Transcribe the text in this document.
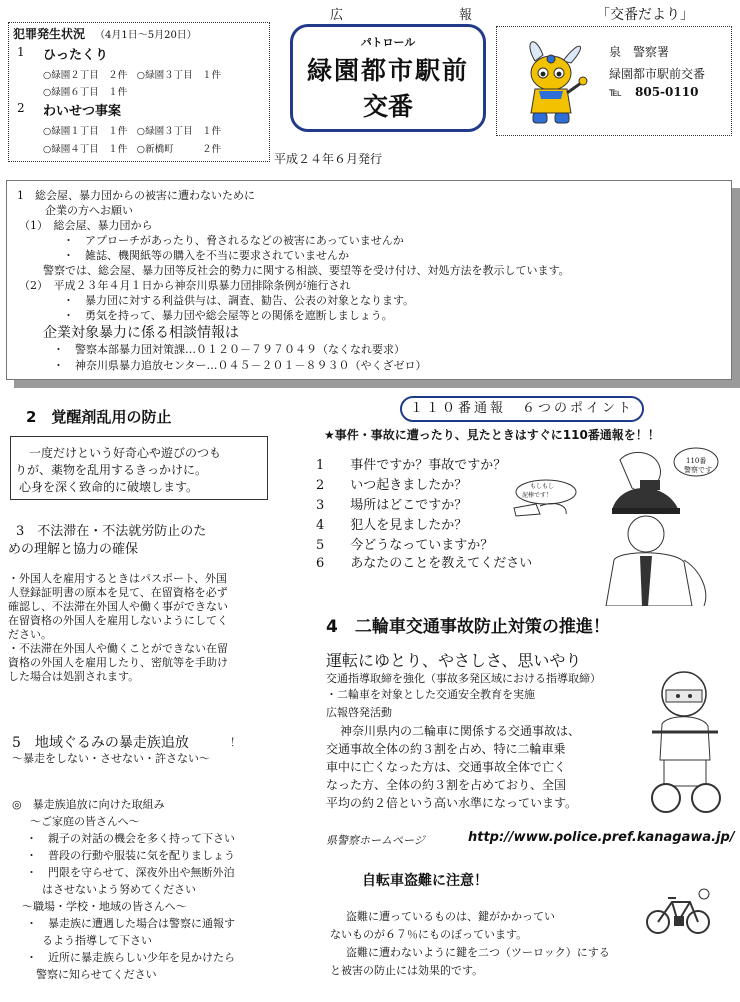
犯罪発生状況 （4月1日～5月20日）
1 ひったくり
○緑園２丁目　２件　○緑園３丁目　１件
○緑園６丁目　１件
2 わいせつ事案
○緑園１丁目　１件　○緑園３丁目　１件
○緑園４丁目　１件　○新橋町　　　２件
広　　報
パトロール
緑園都市駅前
交番
平成２４年６月発行
「交番だより」
泉　警察署
緑園都市駅前交番
℡ 805-0110
1　総会屋、暴力団からの被害に遭わないために
企業の方へお願い
（1）　総会屋、暴力団から
・　アプローチがあったり、脅されるなどの被害にあっていませんか
・　雑誌、機関紙等の購入を不当に要求されていませんか
警察では、総会屋、暴力団等反社会的勢力に関する相談、要望等を受け付け、対処方法を教示しています。
（2）　平成２３年４月１日から神奈川県暴力団排除条例が施行され
・　暴力団に対する利益供与は、調査、勧告、公表の対象となります。
・　勇気を持って、暴力団や総会屋等との関係を遮断しましょう。
企業対象暴力に係る相談情報は
・　警察本部暴力団対策課…０１２０－７９７０４９（なくなれ要求）
・　神奈川県暴力追放センター…０４５－２０１－８９３０（やくざゼロ）
2　覚醒剤乱用の防止
一度だけという好奇心や遊びのつも
りが、薬物を乱用するきっかけに。
心身を深く致命的に破壊します。
3　不法滞在・不法就労防止のた
めの理解と協力の確保
・外国人を雇用するときはパスポート、外国
人登録証明書の原本を見て、在留資格を必ず
確認し、不法滞在外国人や働く事ができない
在留資格の外国人を雇用しないようにしてく
ださい。
・不法滞在外国人や働くことができない在留
資格の外国人を雇用したり、密航等を手助け
した場合は処罰されます。
5　地域ぐるみの暴走族追放	！
～暴走をしない・させない・許さない～
◎　暴走族追放に向けた取組み
～ご家庭の皆さんへ～
・　親子の対話の機会を多く持って下さい
・　普段の行動や服装に気を配りましょう
・　門限を守らせて、深夜外出や無断外泊
はさせないよう努めてください
～職場・学校・地域の皆さんへ～
・　暴走族に遭遇した場合は警察に通報す
るよう指導して下さい
・　近所に暴走族らしい少年を見かけたら
警察に知らせてください
１１０番通報　６つのポイント
★事件・事故に遭ったり、見たときはすぐに110番通報を！！
1　　事件ですか？事故ですか？
2　　いつ起きましたか？
3　　場所はどこですか？
4　　犯人を見ましたか？
5　　今どうなっていますか？
6　　あなたのことを教えてください
110番
警察です
もしもし
泥棒です！
4　二輪車交通事故防止対策の推進！
運転にゆとり、やさしさ、思いやり
交通指導取締を強化（事故多発区域における指導取締）
・二輪車を対象とした交通安全教育を実施
広報啓発活動
神奈川県内の二輪車に関係する交通事故は、
交通事故全体の約３割を占め、特に二輪車乗
車中に亡くなった方は、交通事故全体で亡く
なった方、全体の約３割を占めており、全国
平均の約２倍という高い水準になっています。
県警察ホームページ	http://www.police.pref.kanagawa.jp/
自転車盗難に注意！
盗難に遭っているものは、鍵がかかってい
ないものが６７％にものぼっています。
盗難に遭わないように鍵を二つ（ツーロック）にする
と被害の防止には効果的です。
